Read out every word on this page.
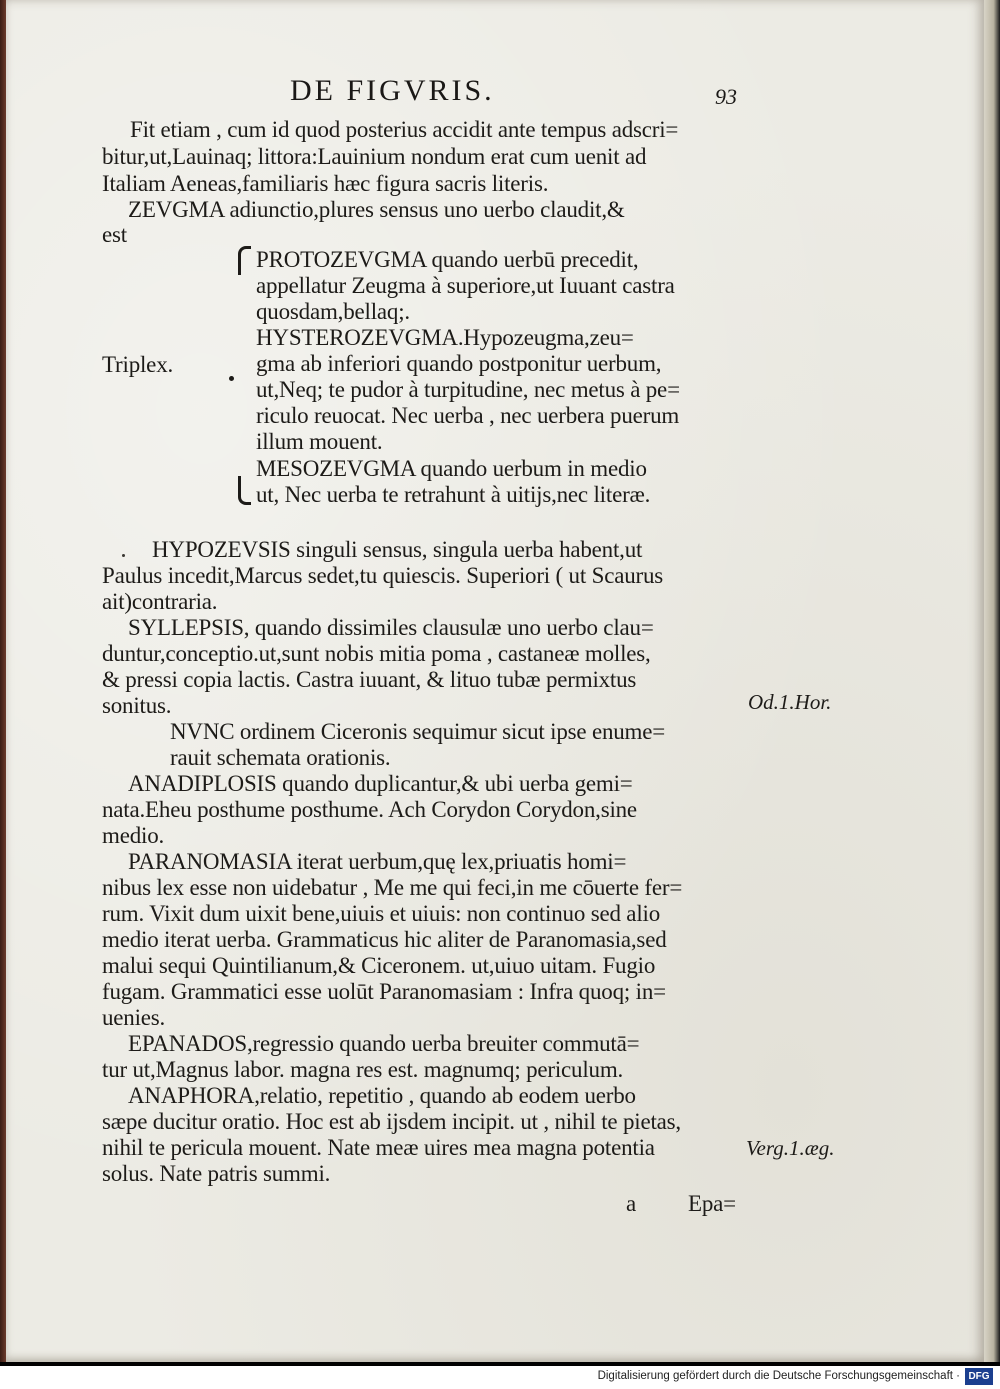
DE FIGVRIS.	93
Fit etiam , cum id quod posterius accidit ante tempus adscri=
bitur,ut,Lauinaq; littora:Lauinium nondum erat cum uenit ad
Italiam Aeneas,familiaris hæc figura sacris literis.
ZEVGMA adiunctio,plures sensus uno uerbo claudit,&
est
Triplex.
PROTOZEVGMA quando uerbū precedit,
appellatur Zeugma à superiore,ut Iuuant castra
quosdam,bellaq;.
HYSTEROZEVGMA.Hypozeugma,zeu=
gma ab inferiori quando postponitur uerbum,
ut,Neq; te pudor à turpitudine, nec metus à pe=
riculo reuocat. Nec uerba , nec uerbera puerum
illum mouent.
MESOZEVGMA quando uerbum in medio
ut, Nec uerba te retrahunt à uitijs,nec literæ.
HYPOZEVSIS singuli sensus, singula uerba habent,ut
Paulus incedit,Marcus sedet,tu quiescis. Superiori ( ut Scaurus
ait)contraria.
SYLLEPSIS, quando dissimiles clausulæ uno uerbo clau=
duntur,conceptio.ut,sunt nobis mitia poma , castaneæ molles,
& pressi copia lactis. Castra iuuant, & lituo tubæ permixtus
sonitus.
NVNC ordinem Ciceronis sequimur sicut ipse enume=
rauit schemata orationis.
ANADIPLOSIS quando duplicantur,& ubi uerba gemi=
nata.Eheu posthume posthume. Ach Corydon Corydon,sine
medio.
PARANOMASIA iterat uerbum,quę lex,priuatis homi=
nibus lex esse non uidebatur , Me me qui feci,in me cōuerte fer=
rum. Vixit dum uixit bene,uiuis et uiuis: non continuo sed alio
medio iterat uerba. Grammaticus hic aliter de Paranomasia,sed
malui sequi Quintilianum,& Ciceronem. ut,uiuo uitam. Fugio
fugam. Grammatici esse uolūt Paranomasiam : Infra quoq; in=
uenies.
EPANADOS,regressio quando uerba breuiter commutā=
tur ut,Magnus labor. magna res est. magnumq; periculum.
ANAPHORA,relatio, repetitio , quando ab eodem uerbo
sæpe ducitur oratio. Hoc est ab ijsdem incipit. ut , nihil te pietas,
nihil te pericula mouent. Nate meæ uires mea magna potentia
solus. Nate patris summi.
a Epa=
Od.1.Hor.
Verg.1.æg.
Digitalisierung gefördert durch die Deutsche Forschungsgemeinschaft · DFG
